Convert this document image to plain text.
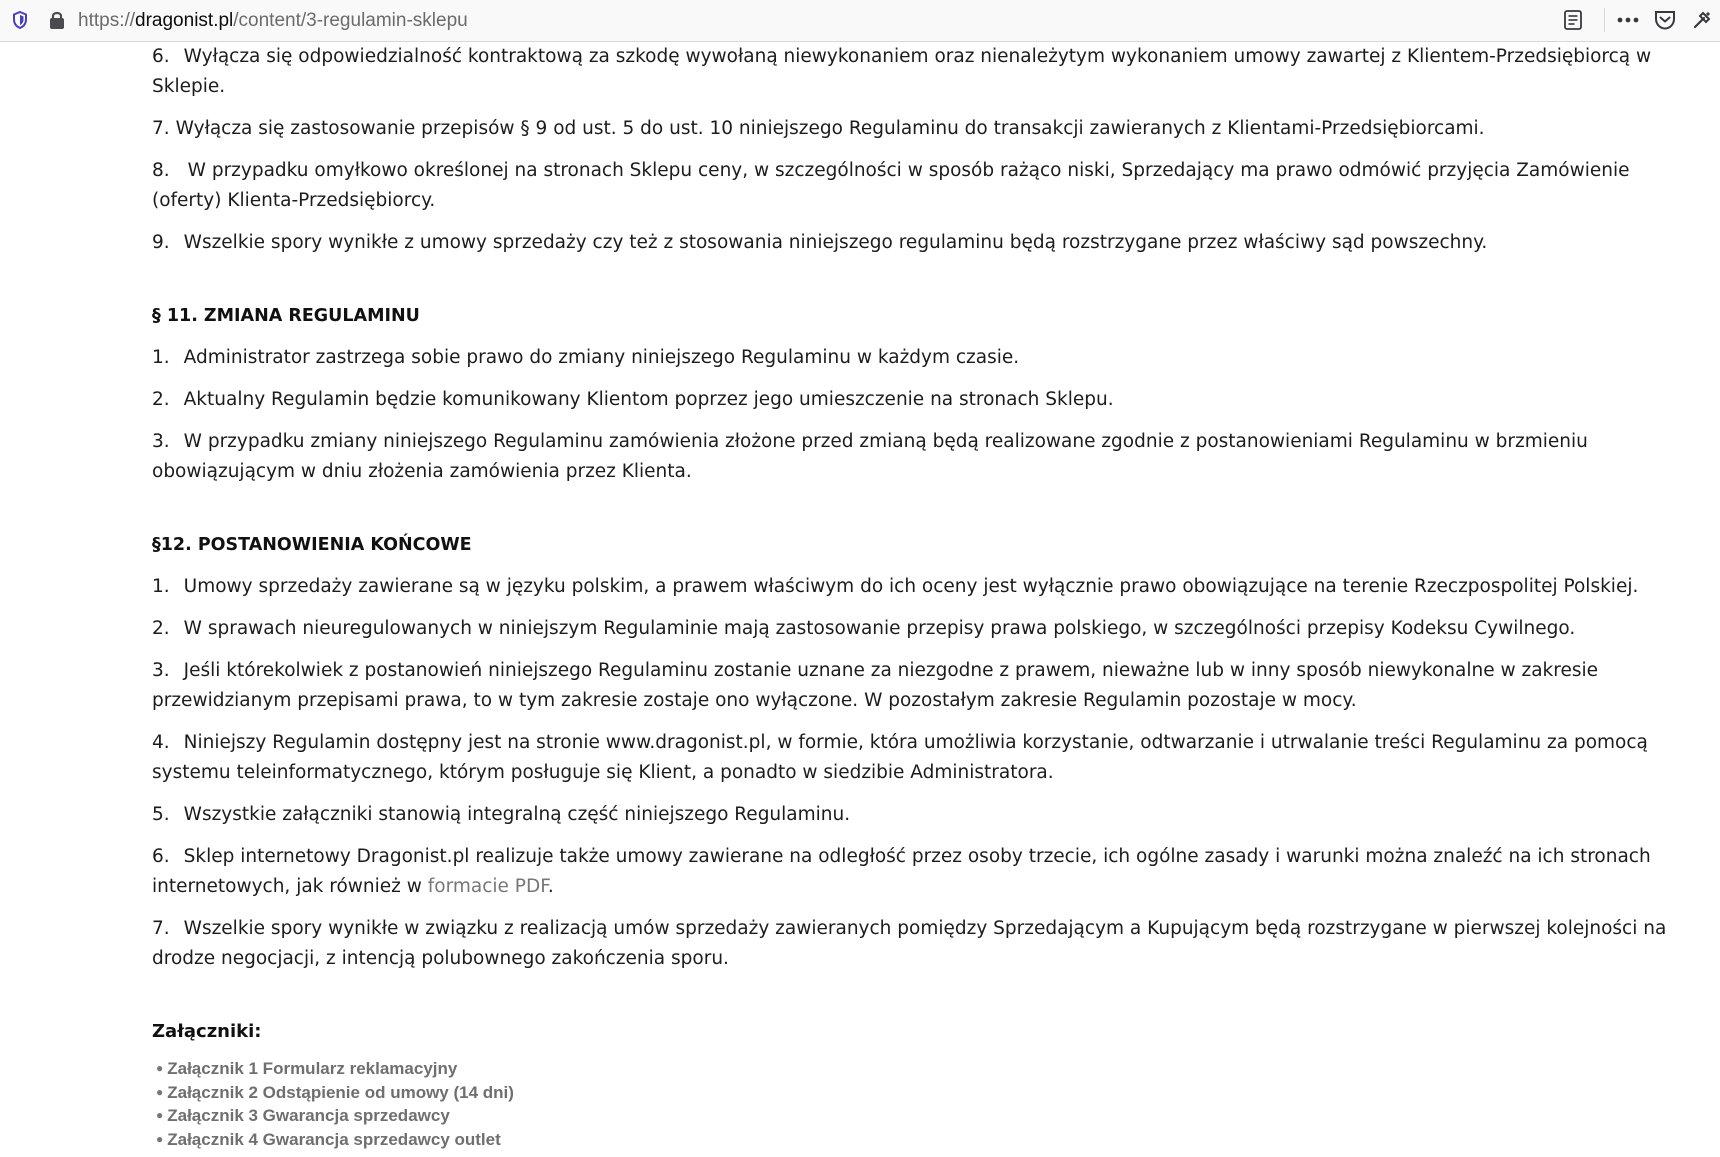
https://dragonist.pl/content/3-regulamin-sklepu

6. Wyłącza się odpowiedzialność kontraktową za szkodę wywołaną niewykonaniem oraz nienależytym wykonaniem umowy zawartej z Klientem-Przedsiębiorcą w Sklepie.

7. Wyłącza się zastosowanie przepisów § 9 od ust. 5 do ust. 10 niniejszego Regulaminu do transakcji zawieranych z Klientami-Przedsiębiorcami.

8. W przypadku omyłkowo określonej na stronach Sklepu ceny, w szczególności w sposób rażąco niski, Sprzedający ma prawo odmówić przyjęcia Zamówienie (oferty) Klienta-Przedsiębiorcy.

9. Wszelkie spory wynikłe z umowy sprzedaży czy też z stosowania niniejszego regulaminu będą rozstrzygane przez właściwy sąd powszechny.

§ 11. ZMIANA REGULAMINU

1. Administrator zastrzega sobie prawo do zmiany niniejszego Regulaminu w każdym czasie.

2. Aktualny Regulamin będzie komunikowany Klientom poprzez jego umieszczenie na stronach Sklepu.

3. W przypadku zmiany niniejszego Regulaminu zamówienia złożone przed zmianą będą realizowane zgodnie z postanowieniami Regulaminu w brzmieniu obowiązującym w dniu złożenia zamówienia przez Klienta.

§12. POSTANOWIENIA KOŃCOWE

1. Umowy sprzedaży zawierane są w języku polskim, a prawem właściwym do ich oceny jest wyłącznie prawo obowiązujące na terenie Rzeczpospolitej Polskiej.

2. W sprawach nieuregulowanych w niniejszym Regulaminie mają zastosowanie przepisy prawa polskiego, w szczególności przepisy Kodeksu Cywilnego.

3. Jeśli którekolwiek z postanowień niniejszego Regulaminu zostanie uznane za niezgodne z prawem, nieważne lub w inny sposób niewykonalne w zakresie przewidzianym przepisami prawa, to w tym zakresie zostaje ono wyłączone. W pozostałym zakresie Regulamin pozostaje w mocy.

4. Niniejszy Regulamin dostępny jest na stronie www.dragonist.pl, w formie, która umożliwia korzystanie, odtwarzanie i utrwalanie treści Regulaminu za pomocą systemu teleinformatycznego, którym posługuje się Klient, a ponadto w siedzibie Administratora.

5. Wszystkie załączniki stanowią integralną część niniejszego Regulaminu.

6. Sklep internetowy Dragonist.pl realizuje także umowy zawierane na odległość przez osoby trzecie, ich ogólne zasady i warunki można znaleźć na ich stronach internetowych, jak również w formacie PDF.

7. Wszelkie spory wynikłe w związku z realizacją umów sprzedaży zawieranych pomiędzy Sprzedającym a Kupującym będą rozstrzygane w pierwszej kolejności na drodze negocjacji, z intencją polubownego zakończenia sporu.

Załączniki:
● Załącznik 1 Formularz reklamacyjny
● Załącznik 2 Odstąpienie od umowy (14 dni)
● Załącznik 3 Gwarancja sprzedawcy
● Załącznik 4 Gwarancja sprzedawcy outlet
